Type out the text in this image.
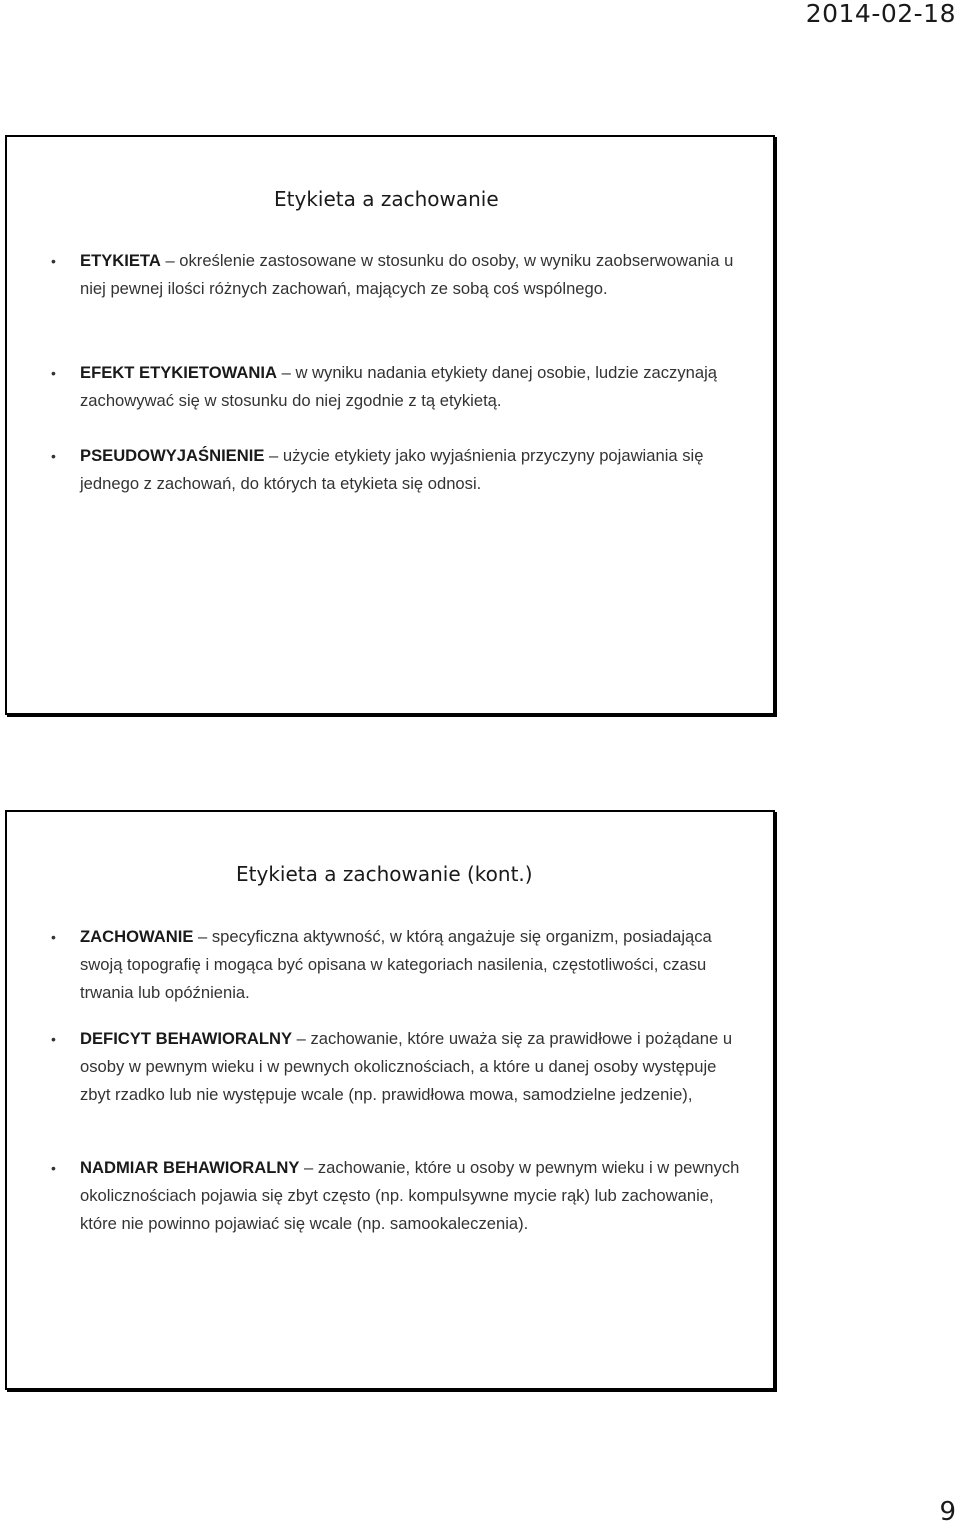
2014-02-18
Etykieta a zachowanie
• ETYKIETA – określenie zastosowane w stosunku do osoby, w wyniku zaobserwowania u niej pewnej ilości różnych zachowań, mających ze sobą coś wspólnego.
• EFEKT ETYKIETOWANIA – w wyniku nadania etykiety danej osobie, ludzie zaczynają zachowywać się w stosunku do niej zgodnie z tą etykietą.
• PSEUDOWYJAŚNIENIE – użycie etykiety jako wyjaśnienia przyczyny pojawiania się jednego z zachowań, do których ta etykieta się odnosi.
Etykieta a zachowanie (kont.)
• ZACHOWANIE – specyficzna aktywność, w którą angażuje się organizm, posiadająca swoją topografię i mogąca być opisana w kategoriach nasilenia, częstotliwości, czasu trwania lub opóźnienia.
• DEFICYT BEHAWIORALNY – zachowanie, które uważa się za prawidłowe i pożądane u osoby w pewnym wieku i w pewnych okolicznościach, a które u danej osoby występuje zbyt rzadko lub nie występuje wcale (np. prawidłowa mowa, samodzielne jedzenie),
• NADMIAR BEHAWIORALNY – zachowanie, które u osoby w pewnym wieku i w pewnych okolicznościach pojawia się zbyt często (np. kompulsywne mycie rąk) lub zachowanie, które nie powinno pojawiać się wcale (np. samookaleczenia).
9
